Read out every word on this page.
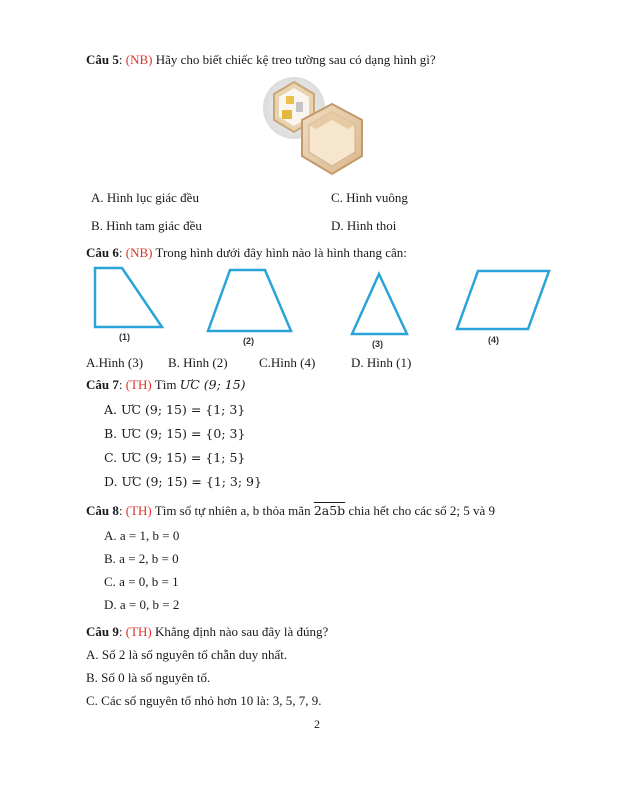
Câu 5: (NB) Hãy cho biết chiếc kệ treo tường sau có dạng hình gì?
A. Hình lục giác đều	C. Hình vuông
B. Hình tam giác đều	D. Hình thoi
Câu 6: (NB) Trong hình dưới đây hình nào là hình thang cân:
(1)	(2)	(3)	(4)
A.Hình (3) B. Hình (2) C.Hình (4)	D. Hình (1)
Câu 7: (TH) Tìm ƯC (9; 15)
A. ƯC (9; 15) = {1; 3}
B. ƯC (9; 15) = {0; 3}
C. ƯC (9; 15) = {1; 5}
D. ƯC (9; 15) = {1; 3; 9}
Câu 8: (TH) Tìm số tự nhiên a, b thỏa mãn 2a5b chia hết cho các số 2; 5 và 9
A. a = 1, b = 0
B. a = 2, b = 0
C. a = 0, b = 1
D. a = 0, b = 2
Câu 9: (TH) Khẳng định nào sau đây là đúng?
A. Số 2 là số nguyên tố chẵn duy nhất.
B. Số 0 là số nguyên tố.
C. Các số nguyên tố nhỏ hơn 10 là: 3, 5, 7, 9.
2
